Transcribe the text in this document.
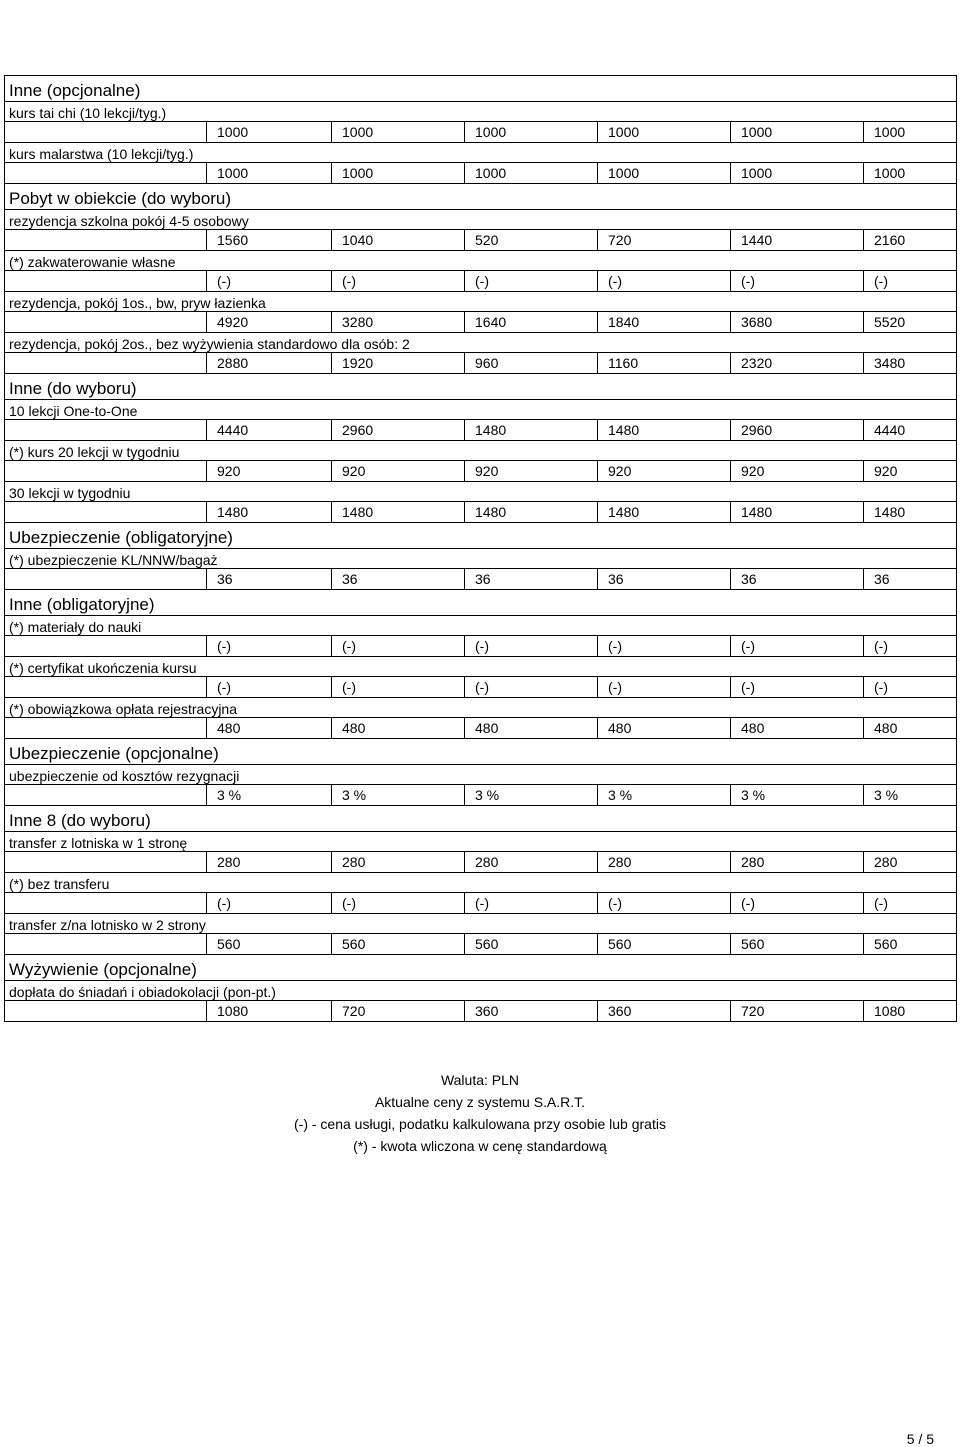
Inne (opcjonalne)						
kurs tai chi (10 lekcji/tyg.)						
	1000	1000	1000	1000	1000	1000
kurs malarstwa (10 lekcji/tyg.)						
	1000	1000	1000	1000	1000	1000
Pobyt w obiekcie (do wyboru)						
rezydencja szkolna pokój 4-5 osobowy						
	1560	1040	520	720	1440	2160
(*) zakwaterowanie własne						
	(-)	(-)	(-)	(-)	(-)	(-)
rezydencja, pokój 1os., bw, pryw łazienka						
	4920	3280	1640	1840	3680	5520
rezydencja, pokój 2os., bez wyżywienia standardowo dla osób: 2						
	2880	1920	960	1160	2320	3480
Inne (do wyboru)						
10 lekcji One-to-One						
	4440	2960	1480	1480	2960	4440
(*) kurs 20 lekcji w tygodniu						
	920	920	920	920	920	920
30 lekcji w tygodniu						
	1480	1480	1480	1480	1480	1480
Ubezpieczenie (obligatoryjne)						
(*) ubezpieczenie KL/NNW/bagaż						
	36	36	36	36	36	36
Inne (obligatoryjne)						
(*) materiały do nauki						
	(-)	(-)	(-)	(-)	(-)	(-)
(*) certyfikat ukończenia kursu						
	(-)	(-)	(-)	(-)	(-)	(-)
(*) obowiązkowa opłata rejestracyjna						
	480	480	480	480	480	480
Ubezpieczenie (opcjonalne)						
ubezpieczenie od kosztów rezygnacji						
	3 %	3 %	3 %	3 %	3 %	3 %
Inne 8 (do wyboru)						
transfer z lotniska w 1 stronę						
	280	280	280	280	280	280
(*) bez transferu						
	(-)	(-)	(-)	(-)	(-)	(-)
transfer z/na lotnisko w 2 strony						
	560	560	560	560	560	560
Wyżywienie (opcjonalne)						
dopłata do śniadań i obiadokolacji (pon-pt.)						
	1080	720	360	360	720	1080
Waluta: PLN
Aktualne ceny z systemu S.A.R.T.
(-) - cena usługi, podatku kalkulowana przy osobie lub gratis
(*) - kwota wliczona w cenę standardową
5 / 5
